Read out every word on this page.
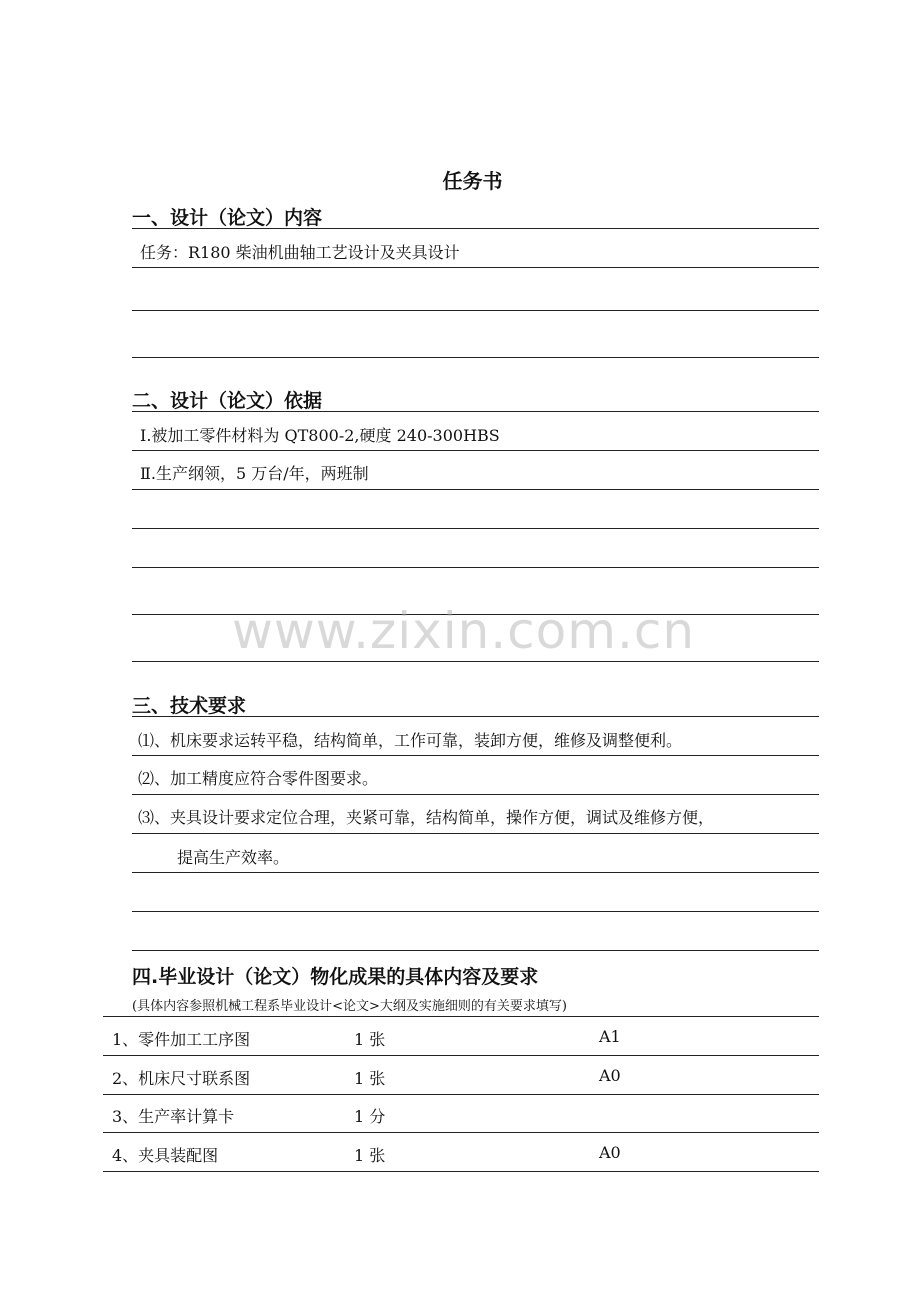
任务书
一、设计（论文）内容
任务：R180 柴油机曲轴工艺设计及夹具设计
二、设计（论文）依据
Ⅰ.被加工零件材料为 QT800-2,硬度 240-300HBS
Ⅱ.生产纲领，5 万台/年，两班制
www.zixin.com.cn
三、技术要求
⑴、机床要求运转平稳，结构简单，工作可靠，装卸方便，维修及调整便利。
⑵、加工精度应符合零件图要求。
⑶、夹具设计要求定位合理，夹紧可靠，结构简单，操作方便，调试及维修方便，
提高生产效率。
四.毕业设计（论文）物化成果的具体内容及要求
(具体内容参照机械工程系毕业设计<论文>大纲及实施细则的有关要求填写)
1、零件加工工序图	1 张	A1
2、机床尺寸联系图	1 张	A0
3、生产率计算卡	1 分
4、夹具装配图	1 张	A0
